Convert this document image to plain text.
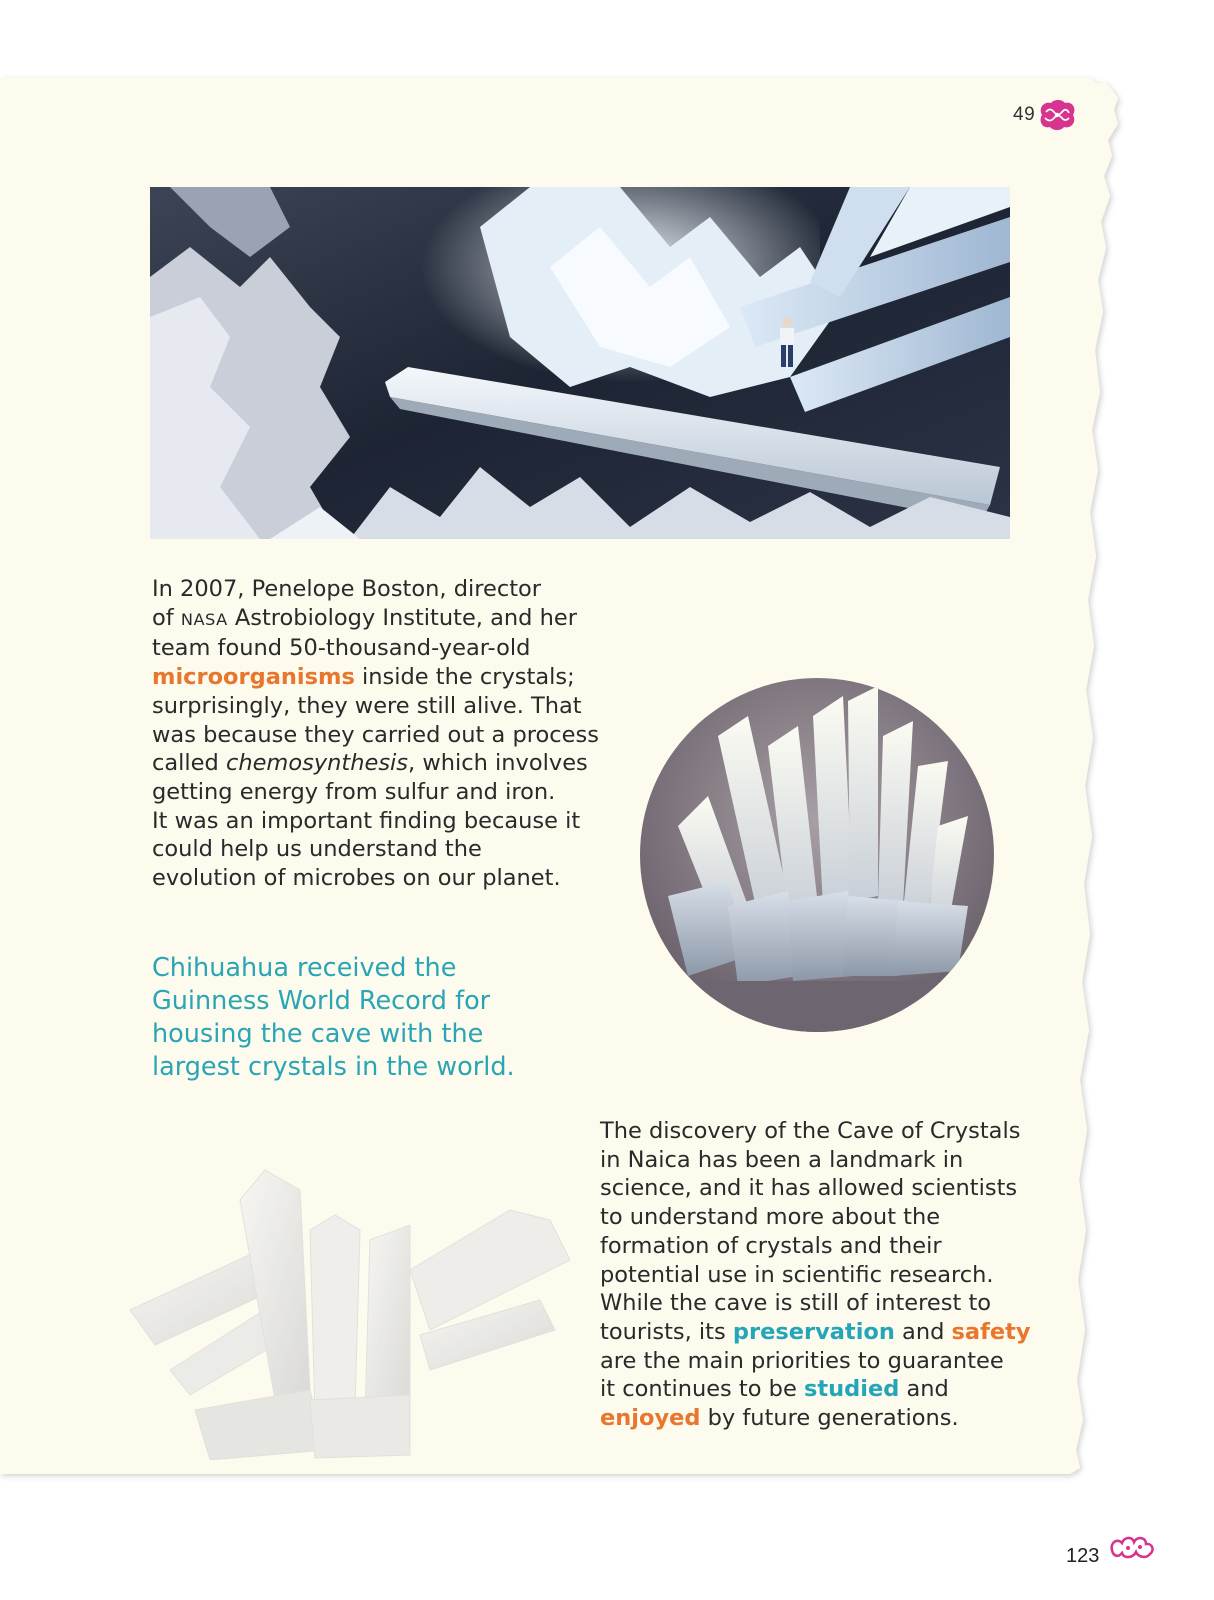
49

In 2007, Penelope Boston, director
of NASA Astrobiology Institute, and her
team found 50-thousand-year-old
microorganisms inside the crystals;
surprisingly, they were still alive. That
was because they carried out a process
called chemosynthesis, which involves
getting energy from sulfur and iron.
It was an important finding because it
could help us understand the
evolution of microbes on our planet.

Chihuahua received the
Guinness World Record for
housing the cave with the
largest crystals in the world.

The discovery of the Cave of Crystals
in Naica has been a landmark in
science, and it has allowed scientists
to understand more about the
formation of crystals and their
potential use in scientific research.
While the cave is still of interest to
tourists, its preservation and safety
are the main priorities to guarantee
it continues to be studied and
enjoyed by future generations.

123
